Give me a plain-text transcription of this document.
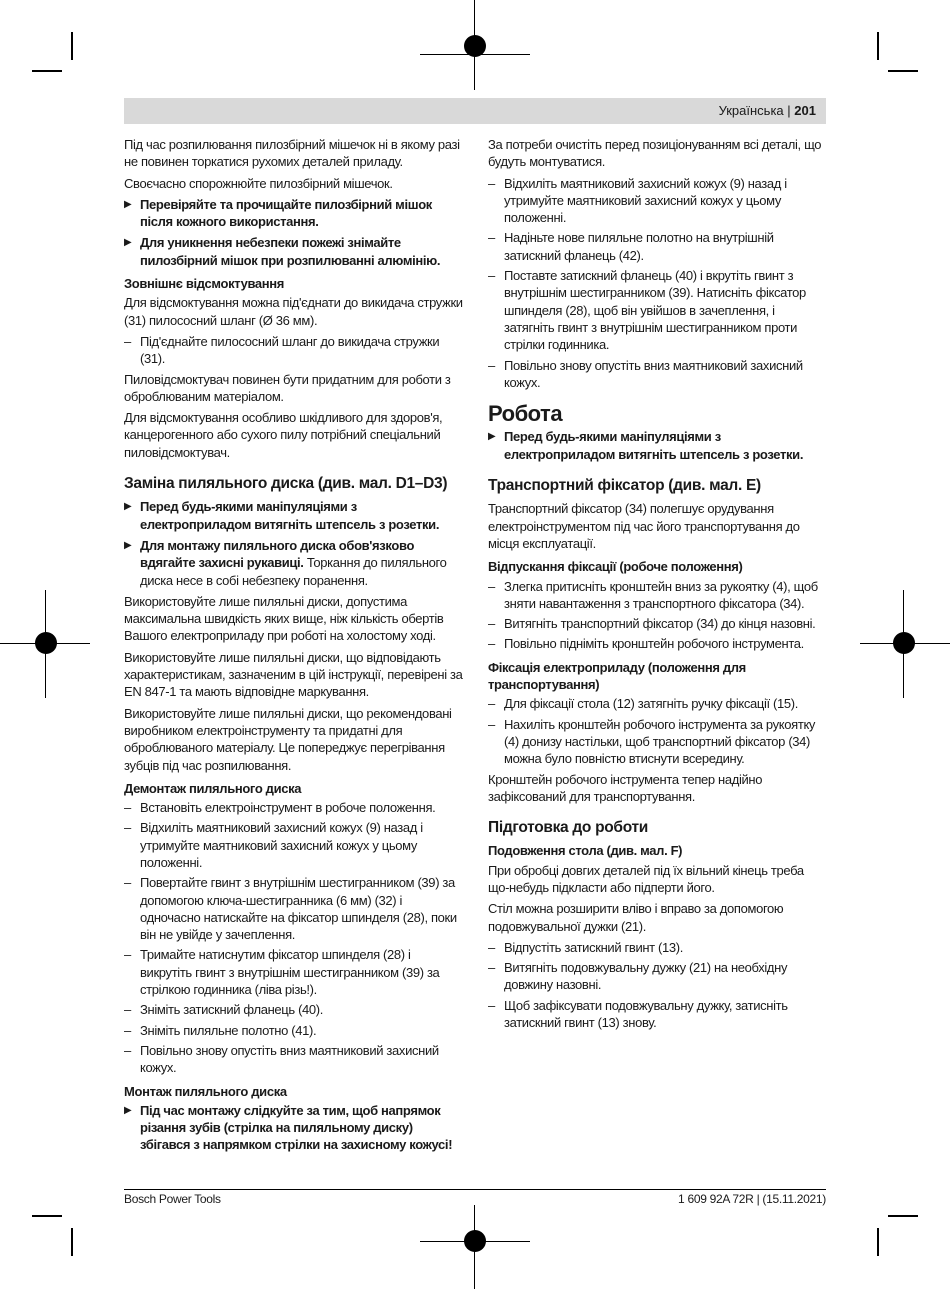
Українська | 201

Під час розпилювання пилозбірний мішечок ні в якому разі не повинен торкатися рухомих деталей приладу.

Своєчасно спорожнюйте пилозбірний мішечок.

▶ Перевіряйте та прочищайте пилозбірний мішок після кожного використання.
▶ Для уникнення небезпеки пожежі знімайте пилозбірний мішок при розпилюванні алюмінію.
Зовнішнє відсмоктування

Для відсмоктування можна під'єднати до викидача стружки (31) пилососний шланг (Ø 36 мм).

– Під'єднайте пилососний шланг до викидача стружки (31).

Пиловідсмоктувач повинен бути придатним для роботи з оброблюваним матеріалом.

Для відсмоктування особливо шкідливого для здоров'я, канцерогенного або сухого пилу потрібний спеціальний пиловідсмоктувач.

Заміна пиляльного диска (див. мал. D1–D3)
▶ Перед будь-якими маніпуляціями з електроприладом витягніть штепсель з розетки.
▶ Для монтажу пиляльного диска обов'язково вдягайте захисні рукавиці. Торкання до пиляльного диска несе в собі небезпеку поранення.

Використовуйте лише пиляльні диски, допустима максимальна швидкість яких вище, ніж кількість обертів Вашого електроприладу при роботі на холостому ході.

Використовуйте лише пиляльні диски, що відповідають характеристикам, зазначеним в цій інструкції, перевірені за EN 847-1 та мають відповідне маркування.

Використовуйте лише пиляльні диски, що рекомендовані виробником електроінструменту та придатні для оброблюваного матеріалу. Це попереджує перегрівання зубців під час розпилювання.

Демонтаж пиляльного диска
– Встановіть електроінструмент в робоче положення.
– Відхиліть маятниковий захисний кожух (9) назад і утримуйте маятниковий захисний кожух у цьому положенні.
– Повертайте гвинт з внутрішнім шестигранником (39) за допомогою ключа-шестигранника (6 мм) (32) і одночасно натискайте на фіксатор шпинделя (28), поки він не увійде у зачеплення.
– Тримайте натиснутим фіксатор шпинделя (28) і викрутіть гвинт з внутрішнім шестигранником (39) за стрілкою годинника (ліва різь!).
– Зніміть затискний фланець (40).
– Зніміть пиляльне полотно (41).
– Повільно знову опустіть вниз маятниковий захисний кожух.
Монтаж пиляльного диска
▶ Під час монтажу слідкуйте за тим, щоб напрямок різання зубів (стрілка на пиляльному диску) збігався з напрямком стрілки на захисному кожусі!

За потреби очистіть перед позиціонуванням всі деталі, що будуть монтуватися.

– Відхиліть маятниковий захисний кожух (9) назад і утримуйте маятниковий захисний кожух у цьому положенні.
– Надіньте нове пиляльне полотно на внутрішній затискний фланець (42).
– Поставте затискний фланець (40) і вкрутіть гвинт з внутрішнім шестигранником (39). Натисніть фіксатор шпинделя (28), щоб він увійшов в зачеплення, і затягніть гвинт з внутрішнім шестигранником проти стрілки годинника.
– Повільно знову опустіть вниз маятниковий захисний кожух.
Робота
▶ Перед будь-якими маніпуляціями з електроприладом витягніть штепсель з розетки.
Транспортний фіксатор (див. мал. E)

Транспортний фіксатор (34) полегшує орудування електроінструментом під час його транспортування до місця експлуатації.

Відпускання фіксації (робоче положення)
– Злегка притисніть кронштейн вниз за рукоятку (4), щоб зняти навантаження з транспортного фіксатора (34).
– Витягніть транспортний фіксатор (34) до кінця назовні.
– Повільно підніміть кронштейн робочого інструмента.
Фіксація електроприладу (положення для транспортування)
– Для фіксації стола (12) затягніть ручку фіксації (15).
– Нахиліть кронштейн робочого інструмента за рукоятку (4) донизу настільки, щоб транспортний фіксатор (34) можна було повністю втиснути всередину.

Кронштейн робочого інструмента тепер надійно зафіксований для транспортування.

Підготовка до роботи
Подовження стола (див. мал. F)

При обробці довгих деталей під їх вільний кінець треба що-небудь підкласти або підперти його.

Стіл можна розширити вліво і вправо за допомогою подовжувальної дужки (21).

– Відпустіть затискний гвинт (13).
– Витягніть подовжувальну дужку (21) на необхідну довжину назовні.
– Щоб зафіксувати подовжувальну дужку, затисніть затискний гвинт (13) знову.
Bosch Power Tools	1 609 92A 72R | (15.11.2021)
